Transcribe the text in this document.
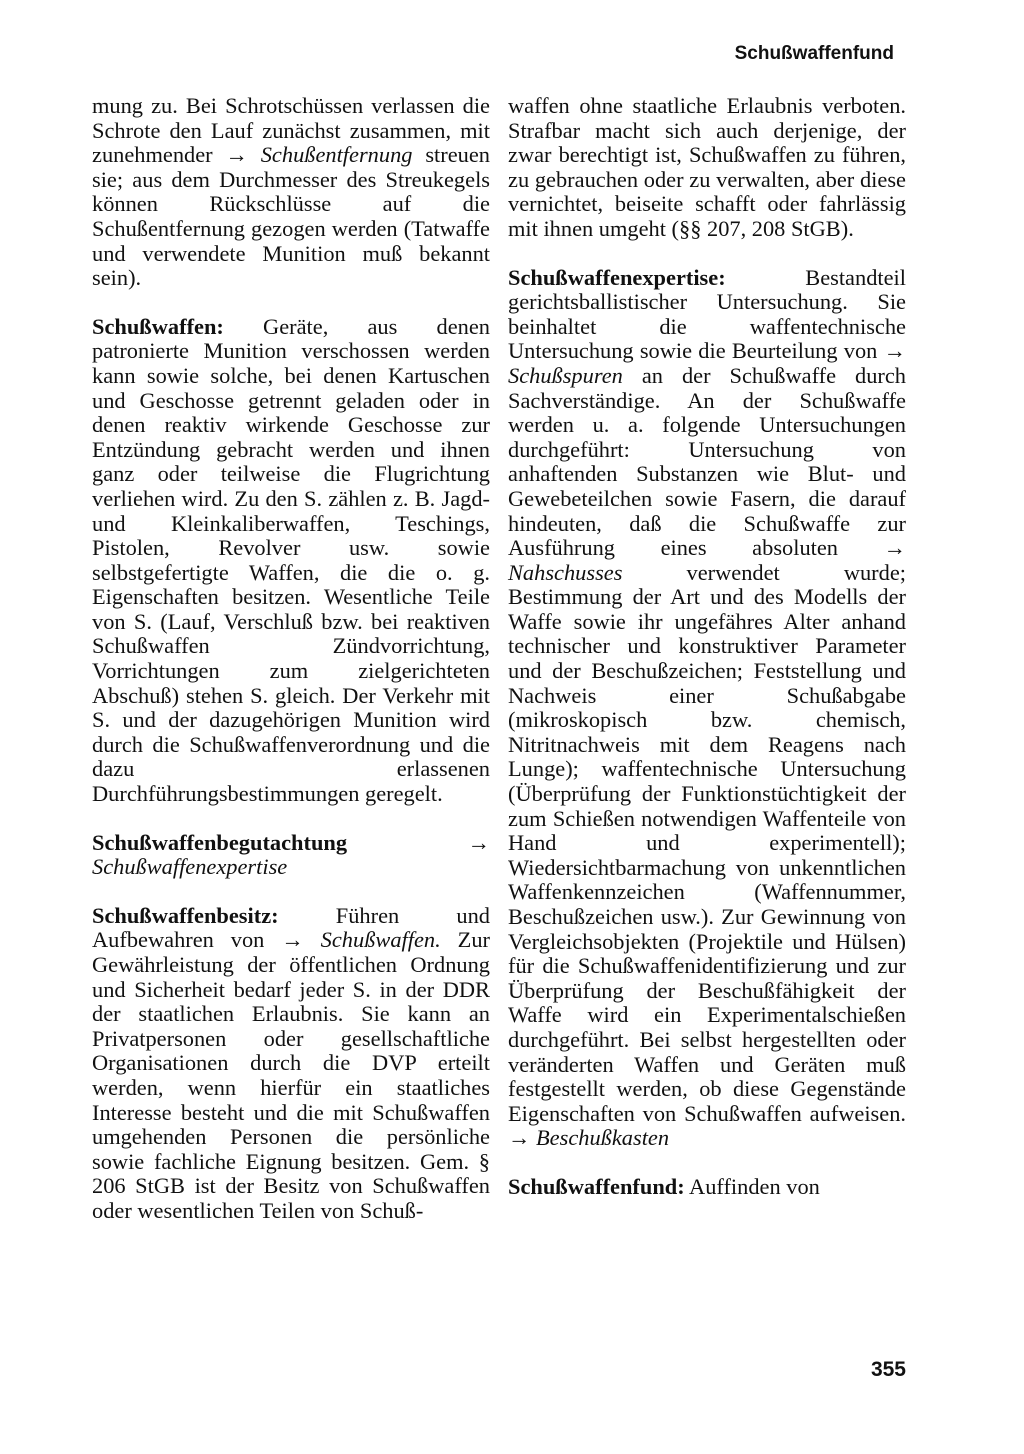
Schußwaffenfund

mung zu. Bei Schrotschüssen verlassen die Schrote den Lauf zunächst zusammen, mit zunehmender → Schußentfernung streuen sie; aus dem Durchmesser des Streukegels können Rückschlüsse auf die Schußentfernung gezogen werden (Tatwaffe und verwendete Munition muß bekannt sein).

Schußwaffen: Geräte, aus denen patronierte Munition verschossen werden kann sowie solche, bei denen Kartuschen und Geschosse getrennt geladen oder in denen reaktiv wirkende Geschosse zur Entzündung gebracht werden und ihnen ganz oder teilweise die Flugrichtung verliehen wird. Zu den S. zählen z. B. Jagd- und Kleinkaliberwaffen, Teschings, Pistolen, Revolver usw. sowie selbstgefertigte Waffen, die die o. g. Eigenschaften besitzen. Wesentliche Teile von S. (Lauf, Verschluß bzw. bei reaktiven Schußwaffen Zündvorrichtung, Vorrichtungen zum zielgerichteten Abschuß) stehen S. gleich. Der Verkehr mit S. und der dazugehörigen Munition wird durch die Schußwaffenverordnung und die dazu erlassenen Durchführungsbestimmungen geregelt.

Schußwaffenbegutachtung → Schußwaffenexpertise

Schußwaffenbesitz: Führen und Aufbewahren von → Schußwaffen. Zur Gewährleistung der öffentlichen Ordnung und Sicherheit bedarf jeder S. in der DDR der staatlichen Erlaubnis. Sie kann an Privatpersonen oder gesellschaftliche Organisationen durch die DVP erteilt werden, wenn hierfür ein staatliches Interesse besteht und die mit Schußwaffen umgehenden Personen die persönliche sowie fachliche Eignung besitzen. Gem. § 206 StGB ist der Besitz von Schußwaffen oder wesentlichen Teilen von Schuß-

waffen ohne staatliche Erlaubnis verboten. Strafbar macht sich auch derjenige, der zwar berechtigt ist, Schußwaffen zu führen, zu gebrauchen oder zu verwalten, aber diese vernichtet, beiseite schafft oder fahrlässig mit ihnen umgeht (§§ 207, 208 StGB).

Schußwaffenexpertise: Bestandteil gerichtsballistischer Untersuchung. Sie beinhaltet die waffentechnische Untersuchung sowie die Beurteilung von → Schußspuren an der Schußwaffe durch Sachverständige. An der Schußwaffe werden u. a. folgende Untersuchungen durchgeführt: Untersuchung von anhaftenden Substanzen wie Blut- und Gewebeteilchen sowie Fasern, die darauf hindeuten, daß die Schußwaffe zur Ausführung eines absoluten → Nahschusses verwendet wurde; Bestimmung der Art und des Modells der Waffe sowie ihr ungefähres Alter anhand technischer und konstruktiver Parameter und der Beschußzeichen; Feststellung und Nachweis einer Schußabgabe (mikroskopisch bzw. chemisch, Nitritnachweis mit dem Reagens nach Lunge); waffentechnische Untersuchung (Überprüfung der Funktionstüchtigkeit der zum Schießen notwendigen Waffenteile von Hand und experimentell); Wiedersichtbarmachung von unkenntlichen Waffenkennzeichen (Waffennummer, Beschußzeichen usw.). Zur Gewinnung von Vergleichsobjekten (Projektile und Hülsen) für die Schußwaffenidentifizierung und zur Überprüfung der Beschußfähigkeit der Waffe wird ein Experimentalschießen durchgeführt. Bei selbst hergestellten oder veränderten Waffen und Geräten muß festgestellt werden, ob diese Gegenstände Eigenschaften von Schußwaffen aufweisen. → Beschußkasten

Schußwaffenfund: Auffinden von

355
